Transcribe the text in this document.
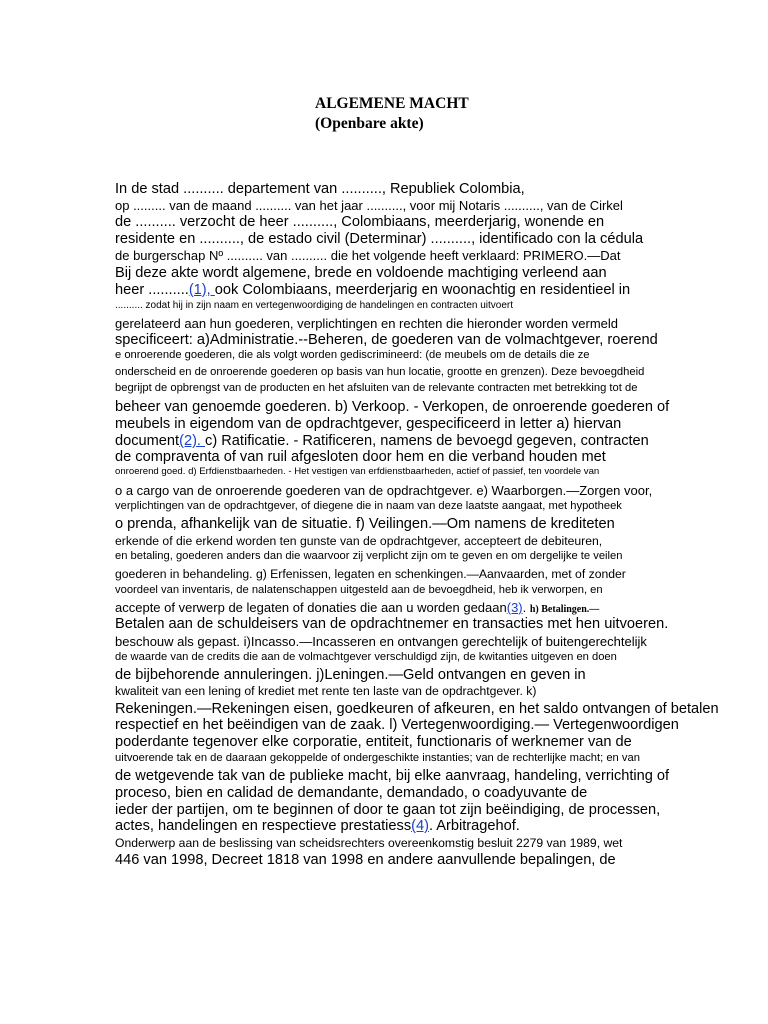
ALGEMENE MACHT
(Openbare akte)
In de stad .......... departement van .........., Republiek Colombia,
op ......... van de maand .......... van het jaar .........., voor mij Notaris .........., van de Cirkel
de .......... verzocht de heer .........., Colombiaans, meerderjarig, wonende en
residente en .........., de estado civil (Determinar) .........., identificado con la cédula
de burgerschap Nº .......... van .......... die het volgende heeft verklaard: PRIMERO.—Dat
Bij deze akte wordt algemene, brede en voldoende machtiging verleend aan
heer ..........(1), ook Colombiaans, meerderjarig en woonachtig en residentieel in
.......... zodat hij in zijn naam en vertegenwoordiging de handelingen en contracten uitvoert
gerelateerd aan hun goederen, verplichtingen en rechten die hieronder worden vermeld
specificeert: a)Administratie.--Beheren, de goederen van de volmachtgever, roerend
e onroerende goederen, die als volgt worden gediscrimineerd: (de meubels om de details die ze
onderscheid en de onroerende goederen op basis van hun locatie, grootte en grenzen). Deze bevoegdheid
begrijpt de opbrengst van de producten en het afsluiten van de relevante contracten met betrekking tot de
beheer van genoemde goederen. b) Verkoop. - Verkopen, de onroerende goederen of
meubels in eigendom van de opdrachtgever, gespecificeerd in letter a) hiervan
document(2). c) Ratificatie. - Ratificeren, namens de bevoegd gegeven, contracten
de compraventa of van ruil afgesloten door hem en die verband houden met
onroerend goed. d) Erfdienstbaarheden. - Het vestigen van erfdienstbaarheden, actief of passief, ten voordele van
o a cargo van de onroerende goederen van de opdrachtgever. e) Waarborgen.—Zorgen voor,
verplichtingen van de opdrachtgever, of diegene die in naam van deze laatste aangaat, met hypotheek
o prenda, afhankelijk van de situatie. f) Veilingen.—Om namens de krediteten
erkende of die erkend worden ten gunste van de opdrachtgever, accepteert de debiteuren,
en betaling, goederen anders dan die waarvoor zij verplicht zijn om te geven en om dergelijke te veilen
goederen in behandeling. g) Erfenissen, legaten en schenkingen.—Aanvaarden, met of zonder
voordeel van inventaris, de nalatenschappen uitgesteld aan de bevoegdheid, heb ik verworpen, en
accepte of verwerp de legaten of donaties die aan u worden gedaan(3). h) Betalingen.—
Betalen aan de schuldeisers van de opdrachtnemer en transacties met hen uitvoeren.
beschouw als gepast. i)Incasso.—Incasseren en ontvangen gerechtelijk of buitengerechtelijk
de waarde van de credits die aan de volmachtgever verschuldigd zijn, de kwitanties uitgeven en doen
de bijbehorende annuleringen. j)Leningen.—Geld ontvangen en geven in
kwaliteit van een lening of krediet met rente ten laste van de opdrachtgever. k)
Rekeningen.—Rekeningen eisen, goedkeuren of afkeuren, en het saldo ontvangen of betalen
respectief en het beëindigen van de zaak. l) Vertegenwoordiging.— Vertegenwoordigen
poderdante tegenover elke corporatie, entiteit, functionaris of werknemer van de
uitvoerende tak en de daaraan gekoppelde of ondergeschikte instanties; van de rechterlijke macht; en van
de wetgevende tak van de publieke macht, bij elke aanvraag, handeling, verrichting of
proceso, bien en calidad de demandante, demandado, o coadyuvante de
ieder der partijen, om te beginnen of door te gaan tot zijn beëindiging, de processen,
actes, handelingen en respectieve prestatiess(4). Arbitragehof.
Onderwerp aan de beslissing van scheidsrechters overeenkomstig besluit 2279 van 1989, wet
446 van 1998, Decreet 1818 van 1998 en andere aanvullende bepalingen, de
